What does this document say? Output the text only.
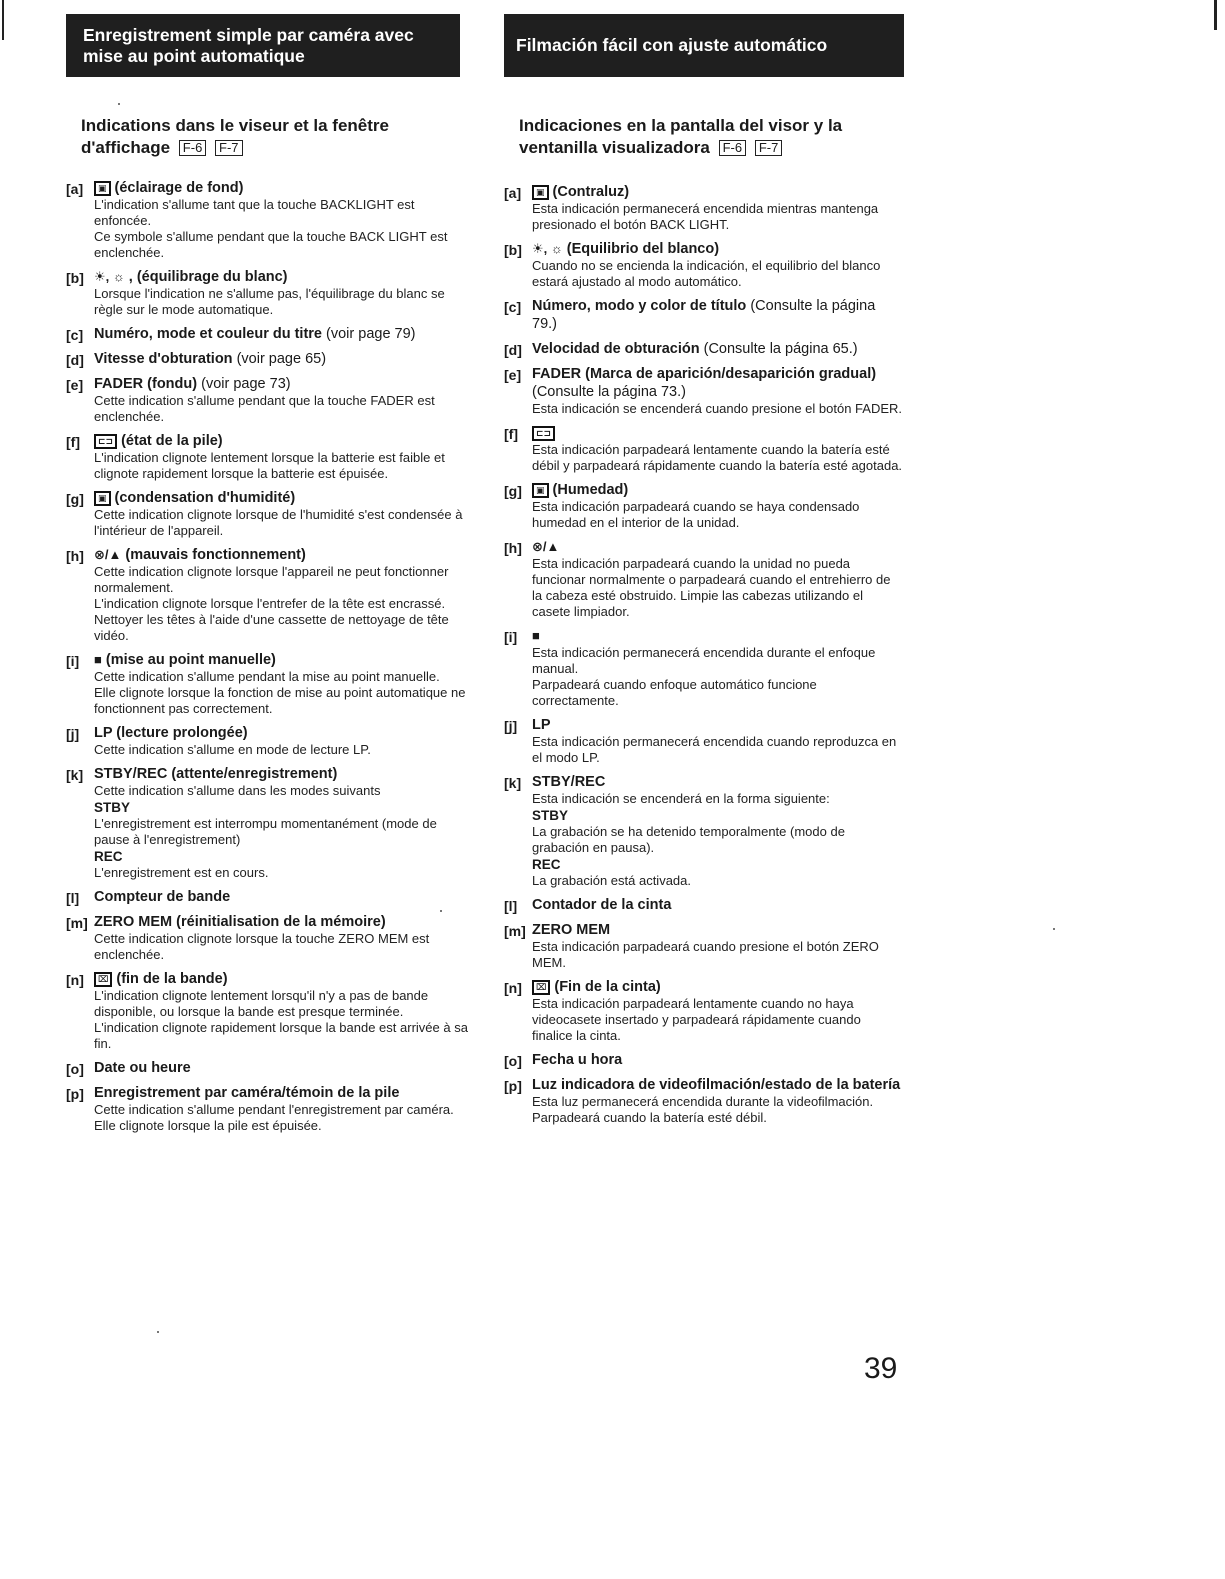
Enregistrement simple par caméra avec
mise au point automatique
Indications dans le viseur et la fenêtre
d'affichage F-6 F-7
[a]	▣ (éclairage de fond)
L'indication s'allume tant que la touche BACKLIGHT est enfoncée.
Ce symbole s'allume pendant que la touche BACK LIGHT est enclenchée.
[b] ☀, ☼ , (équilibrage du blanc)
Lorsque l'indication ne s'allume pas, l'équilibrage du blanc se règle sur le mode automatique.
[c] Numéro, mode et couleur du titre (voir page 79)
[d] Vitesse d'obturation (voir page 65)
[e] FADER (fondu) (voir page 73)
Cette indication s'allume pendant que la touche FADER est enclenchée.
[f]	⊏⊐ (état de la pile)
L'indication clignote lentement lorsque la batterie est faible et clignote rapidement lorsque la batterie est épuisée.
[g]	▣ (condensation d'humidité)
Cette indication clignote lorsque de l'humidité s'est condensée à l'intérieur de l'appareil.
[h] ⊗/▲ (mauvais fonctionnement)
Cette indication clignote lorsque l'appareil ne peut fonctionner normalement.
L'indication clignote lorsque l'entrefer de la tête est encrassé.
Nettoyer les têtes à l'aide d'une cassette de nettoyage de tête vidéo.
[i] ■ (mise au point manuelle)
Cette indication s'allume pendant la mise au point manuelle.
Elle clignote lorsque la fonction de mise au point automatique ne fonctionnent pas correctement.
[j] LP (lecture prolongée)
Cette indication s'allume en mode de lecture LP.
[k] STBY/REC (attente/enregistrement)
Cette indication s'allume dans les modes suivants
STBY
L'enregistrement est interrompu momentanément (mode de pause à l'enregistrement)
REC
L'enregistrement est en cours.
[l] Compteur de bande
[m] ZERO MEM (réinitialisation de la mémoire)
Cette indication clignote lorsque la touche ZERO MEM est enclenchée.
[n]	⌧ (fin de la bande)
L'indication clignote lentement lorsqu'il n'y a pas de bande disponible, ou lorsque la bande est presque terminée. L'indication clignote rapidement lorsque la bande est arrivée à sa fin.
[o] Date ou heure
[p] Enregistrement par caméra/témoin de la pile
Cette indication s'allume pendant l'enregistrement par caméra.
Elle clignote lorsque la pile est épuisée.
Filmación fácil con ajuste automático
Indicaciones en la pantalla del visor y la
ventanilla visualizadora F-6 F-7
[a]	▣ (Contraluz)
Esta indicación permanecerá encendida mientras mantenga presionado el botón BACK LIGHT.
[b] ☀, ☼ (Equilibrio del blanco)
Cuando no se encienda la indicación, el equilibrio del blanco estará ajustado al modo automático.
[c] Número, modo y color de título (Consulte la página 79.)
[d] Velocidad de obturación (Consulte la página 65.)
[e] FADER (Marca de aparición/desaparición gradual) (Consulte la página 73.)
Esta indicación se encenderá cuando presione el botón FADER.
[f]	⊏⊐
Esta indicación parpadeará lentamente cuando la batería esté débil y parpadeará rápidamente cuando la batería esté agotada.
[g]	▣ (Humedad)
Esta indicación parpadeará cuando se haya condensado humedad en el interior de la unidad.
[h] ⊗/▲
Esta indicación parpadeará cuando la unidad no pueda funcionar normalmente o parpadeará cuando el entrehierro de la cabeza esté obstruido. Limpie las cabezas utilizando el casete limpiador.
[i] ■
Esta indicación permanecerá encendida durante el enfoque manual.
Parpadeará cuando enfoque automático funcione correctamente.
[j] LP
Esta indicación permanecerá encendida cuando reproduzca en el modo LP.
[k] STBY/REC
Esta indicación se encenderá en la forma siguiente:
STBY
La grabación se ha detenido temporalmente (modo de grabación en pausa).
REC
La grabación está activada.
[l] Contador de la cinta
[m] ZERO MEM
Esta indicación parpadeará cuando presione el botón ZERO MEM.
[n]	⌧ (Fin de la cinta)
Esta indicación parpadeará lentamente cuando no haya videocasete insertado y parpadeará rápidamente cuando finalice la cinta.
[o] Fecha u hora
[p] Luz indicadora de videofilmación/estado de la batería
Esta luz permanecerá encendida durante la videofilmación. Parpadeará cuando la batería esté débil.
39
